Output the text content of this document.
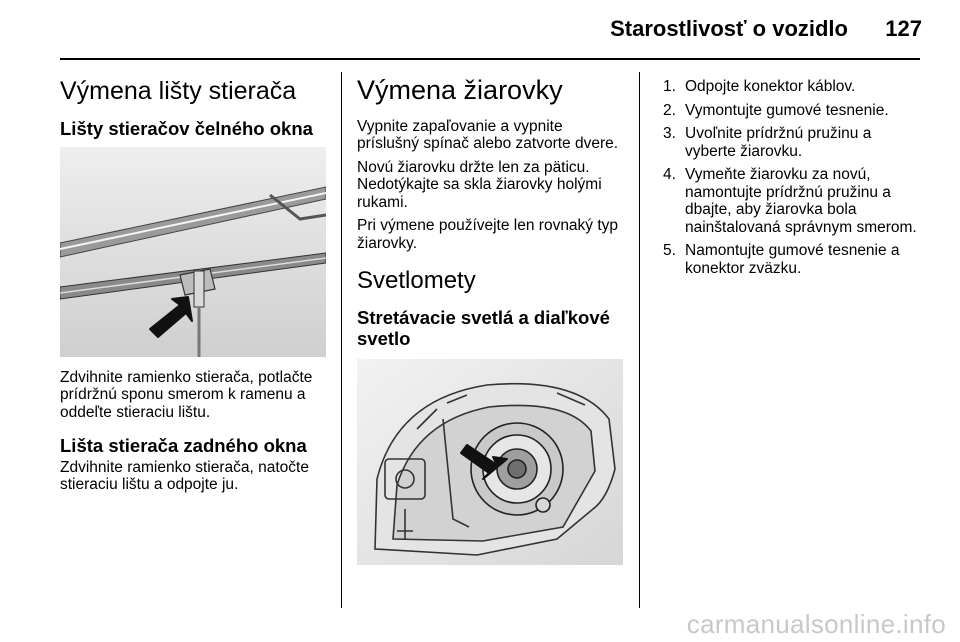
Starostlivosť o vozidlo 127
Výmena lišty stierača
Lišty stieračov čelného okna

Zdvihnite ramienko stierača, potlačte prídržnú sponu smerom k ramenu a oddeľte stieraciu lištu.

Lišta stierača zadného okna

Zdvihnite ramienko stierača, natočte stieraciu lištu a odpojte ju.

Výmena žiarovky

Vypnite zapaľovanie a vypnite príslušný spínač alebo zatvorte dvere.

Novú žiarovku držte len za päticu. Nedotýkajte sa skla žiarovky holými rukami.

Pri výmene používejte len rovnaký typ žiarovky.

Svetlomety
Stretávacie svetlá a diaľkové svetlo
1. Odpojte konektor káblov.
2. Vymontujte gumové tesnenie.
3. Uvoľnite prídržnú pružinu a vyberte žiarovku.
4. Vymeňte žiarovku za novú, namontujte prídržnú pružinu a dbajte, aby žiarovka bola nainštalovaná správnym smerom.
5. Namontujte gumové tesnenie a konektor zväzku.
carmanualsonline.info
